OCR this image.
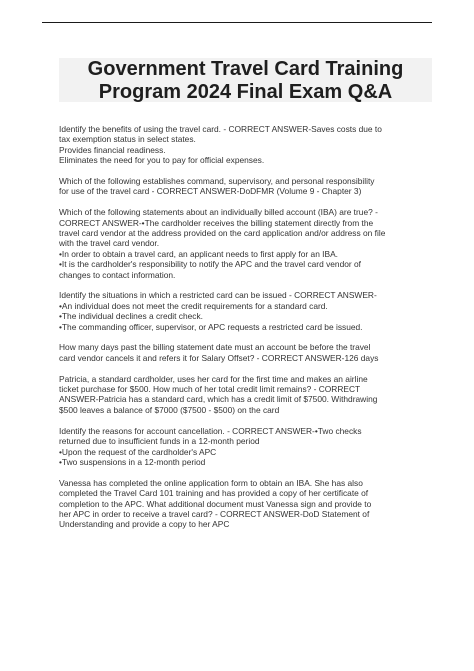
Government Travel Card Training
Program 2024 Final Exam Q&A
Identify the benefits of using the travel card. - CORRECT ANSWER-Saves costs due to
tax exemption status in select states.
Provides financial readiness.
Eliminates the need for you to pay for official expenses.
Which of the following establishes command, supervisory, and personal responsibility
for use of the travel card - CORRECT ANSWER-DoDFMR (Volume 9 - Chapter 3)
Which of the following statements about an individually billed account (IBA) are true? -
CORRECT ANSWER-•The cardholder receives the billing statement directly from the
travel card vendor at the address provided on the card application and/or address on file
with the travel card vendor.
•In order to obtain a travel card, an applicant needs to first apply for an IBA.
•It is the cardholder's responsibility to notify the APC and the travel card vendor of
changes to contact information.
Identify the situations in which a restricted card can be issued - CORRECT ANSWER-
•An individual does not meet the credit requirements for a standard card.
•The individual declines a credit check.
•The commanding officer, supervisor, or APC requests a restricted card be issued.
How many days past the billing statement date must an account be before the travel
card vendor cancels it and refers it for Salary Offset? - CORRECT ANSWER-126 days
Patricia, a standard cardholder, uses her card for the first time and makes an airline
ticket purchase for $500. How much of her total credit limit remains? - CORRECT
ANSWER-Patricia has a standard card, which has a credit limit of $7500. Withdrawing
$500 leaves a balance of $7000 ($7500 - $500) on the card
Identify the reasons for account cancellation. - CORRECT ANSWER-•Two checks
returned due to insufficient funds in a 12-month period
•Upon the request of the cardholder's APC
•Two suspensions in a 12-month period
Vanessa has completed the online application form to obtain an IBA. She has also
completed the Travel Card 101 training and has provided a copy of her certificate of
completion to the APC. What additional document must Vanessa sign and provide to
her APC in order to receive a travel card? - CORRECT ANSWER-DoD Statement of
Understanding and provide a copy to her APC
